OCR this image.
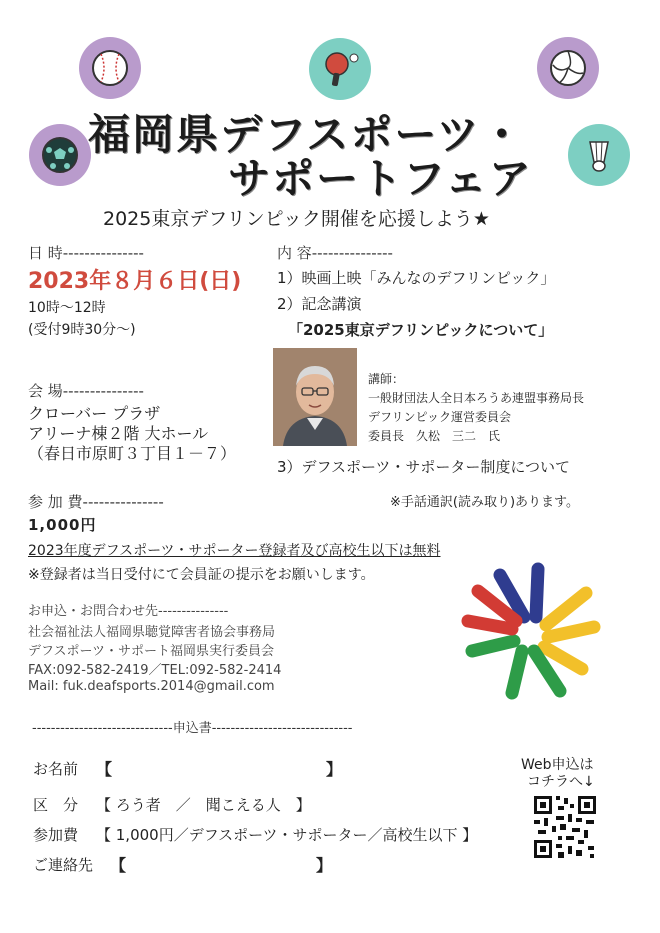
福岡県デフスポーツ・
サポートフェア
2025東京デフリンピック開催を応援しよう★
日 時---------------
2023年８月６日(日)
10時～12時
(受付9時30分～)
会 場---------------
クローバー プラザ
アリーナ棟２階 大ホール
（春日市原町３丁目１－７）
内 容---------------
1）映画上映「みんなのデフリンピック」
2）記念講演
「2025東京デフリンピックについて」
講師：
一般財団法人全日本ろうあ連盟事務局長
デフリンピック運営委員会
委員長　久松　三二　氏
3）デフスポーツ・サポーター制度について
※手話通訳(読み取り)あります。
参 加 費---------------
1,000円
2023年度デフスポーツ・サポーター登録者及び高校生以下は無料
※登録者は当日受付にて会員証の提示をお願いします。
お申込・お問合わせ先---------------
社会福祉法人福岡県聴覚障害者協会事務局
デフスポーツ・サポート福岡県実行委員会
FAX:092-582-2419／TEL:092-582-2414
Mail: fuk.deafsports.2014@gmail.com
------------------------------申込書------------------------------
お名前 【	】
区　分 【 ろう者　／　聞こえる人　】
参加費 【 1,000円／デフスポーツ・サポーター／高校生以下 】
ご連絡先 【	】
Web申込は
コチラへ↓
